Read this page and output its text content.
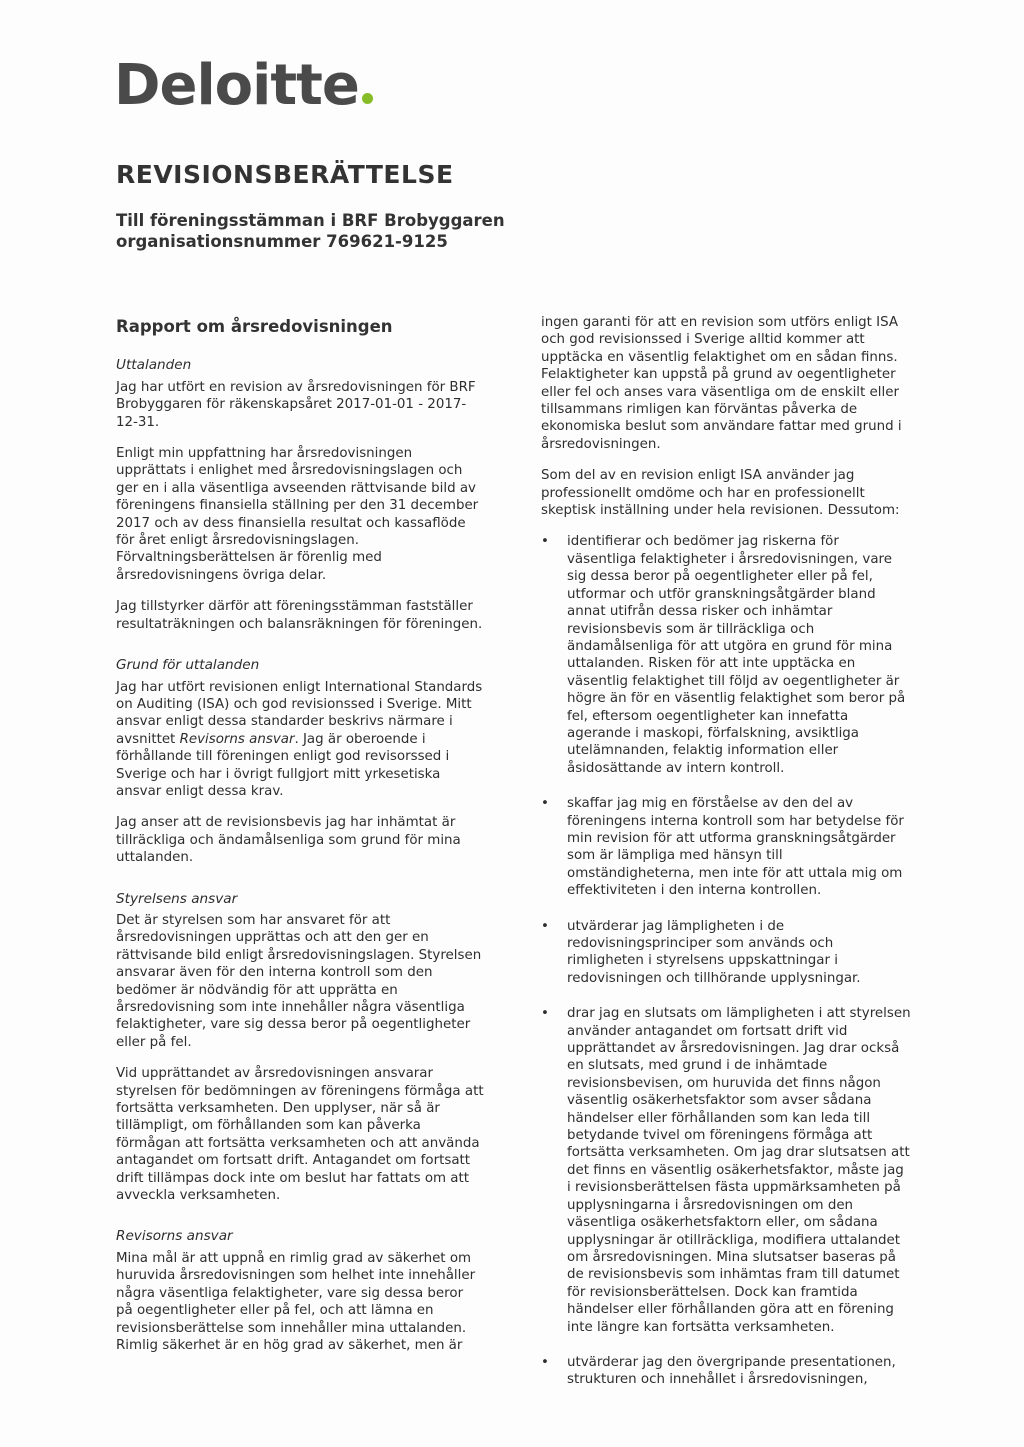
Deloitte
REVISIONSBERÄTTELSE
Till föreningsstämman i BRF Brobyggaren
organisationsnummer 769621-9125
Rapport om årsredovisningen
Uttalanden

Jag har utfört en revision av årsredovisningen för BRF Brobyggaren för räkenskapsåret 2017-01-01 - 2017-12-31.

Enligt min uppfattning har årsredovisningen upprättats i enlighet med årsredovisningslagen och ger en i alla väsentliga avseenden rättvisande bild av föreningens finansiella ställning per den 31 december 2017 och av dess finansiella resultat och kassaflöde för året enligt årsredovisningslagen. Förvaltningsberättelsen är förenlig med årsredovisningens övriga delar.

Jag tillstyrker därför att föreningsstämman fastställer resultaträkningen och balansräkningen för föreningen.

Grund för uttalanden

Jag har utfört revisionen enligt International Standards on Auditing (ISA) och god revisionssed i Sverige. Mitt ansvar enligt dessa standarder beskrivs närmare i avsnittet Revisorns ansvar. Jag är oberoende i förhållande till föreningen enligt god revisorssed i Sverige och har i övrigt fullgjort mitt yrkesetiska ansvar enligt dessa krav.

Jag anser att de revisionsbevis jag har inhämtat är tillräckliga och ändamålsenliga som grund för mina uttalanden.

Styrelsens ansvar

Det är styrelsen som har ansvaret för att årsredovisningen upprättas och att den ger en rättvisande bild enligt årsredovisningslagen. Styrelsen ansvarar även för den interna kontroll som den bedömer är nödvändig för att upprätta en årsredovisning som inte innehåller några väsentliga felaktigheter, vare sig dessa beror på oegentligheter eller på fel.

Vid upprättandet av årsredovisningen ansvarar styrelsen för bedömningen av föreningens förmåga att fortsätta verksamheten. Den upplyser, när så är tillämpligt, om förhållanden som kan påverka förmågan att fortsätta verksamheten och att använda antagandet om fortsatt drift. Antagandet om fortsatt drift tillämpas dock inte om beslut har fattats om att avveckla verksamheten.

Revisorns ansvar

Mina mål är att uppnå en rimlig grad av säkerhet om huruvida årsredovisningen som helhet inte innehåller några väsentliga felaktigheter, vare sig dessa beror på oegentligheter eller på fel, och att lämna en revisionsberättelse som innehåller mina uttalanden. Rimlig säkerhet är en hög grad av säkerhet, men är

ingen garanti för att en revision som utförs enligt ISA och god revisionssed i Sverige alltid kommer att upptäcka en väsentlig felaktighet om en sådan finns. Felaktigheter kan uppstå på grund av oegentligheter eller fel och anses vara väsentliga om de enskilt eller tillsammans rimligen kan förväntas påverka de ekonomiska beslut som användare fattar med grund i årsredovisningen.

Som del av en revision enligt ISA använder jag professionellt omdöme och har en professionellt skeptisk inställning under hela revisionen. Dessutom:

• identifierar och bedömer jag riskerna för väsentliga felaktigheter i årsredovisningen, vare sig dessa beror på oegentligheter eller på fel, utformar och utför granskningsåtgärder bland annat utifrån dessa risker och inhämtar revisionsbevis som är tillräckliga och ändamålsenliga för att utgöra en grund för mina uttalanden. Risken för att inte upptäcka en väsentlig felaktighet till följd av oegentligheter är högre än för en väsentlig felaktighet som beror på fel, eftersom oegentligheter kan innefatta agerande i maskopi, förfalskning, avsiktliga utelämnanden, felaktig information eller åsidosättande av intern kontroll.
• skaffar jag mig en förståelse av den del av föreningens interna kontroll som har betydelse för min revision för att utforma granskningsåtgärder som är lämpliga med hänsyn till omständigheterna, men inte för att uttala mig om effektiviteten i den interna kontrollen.
• utvärderar jag lämpligheten i de redovisningsprinciper som används och rimligheten i styrelsens uppskattningar i redovisningen och tillhörande upplysningar.
• drar jag en slutsats om lämpligheten i att styrelsen använder antagandet om fortsatt drift vid upprättandet av årsredovisningen. Jag drar också en slutsats, med grund i de inhämtade revisionsbevisen, om huruvida det finns någon väsentlig osäkerhetsfaktor som avser sådana händelser eller förhållanden som kan leda till betydande tvivel om föreningens förmåga att fortsätta verksamheten. Om jag drar slutsatsen att det finns en väsentlig osäkerhetsfaktor, måste jag i revisionsberättelsen fästa uppmärksamheten på upplysningarna i årsredovisningen om den väsentliga osäkerhetsfaktorn eller, om sådana upplysningar är otillräckliga, modifiera uttalandet om årsredovisningen. Mina slutsatser baseras på de revisionsbevis som inhämtas fram till datumet för revisionsberättelsen. Dock kan framtida händelser eller förhållanden göra att en förening inte längre kan fortsätta verksamheten.
• utvärderar jag den övergripande presentationen, strukturen och innehållet i årsredovisningen,
